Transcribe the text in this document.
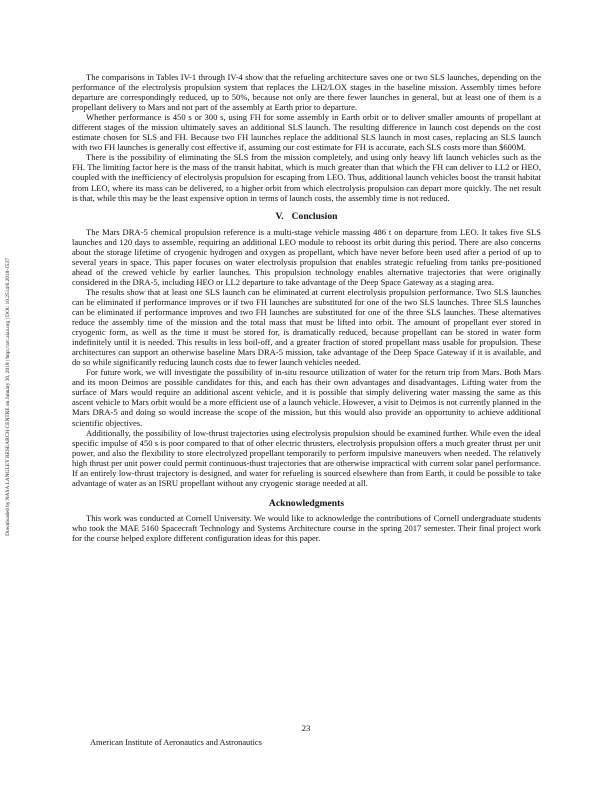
Downloaded by NASA LANGLEY RESEARCH CENTRE on January 30, 2018 | http://arc.aiaa.org | DOI: 10.2514/6.2018-1537

The comparisons in Tables IV-1 through IV-4 show that the refueling architecture saves one or two SLS launches, depending on the performance of the electrolysis propulsion system that replaces the LH2/LOX stages in the baseline mission. Assembly times before departure are correspondingly reduced, up to 50%, because not only are there fewer launches in general, but at least one of them is a propellant delivery to Mars and not part of the assembly at Earth prior to departure.

Whether performance is 450 s or 300 s, using FH for some assembly in Earth orbit or to deliver smaller amounts of propellant at different stages of the mission ultimately saves an additional SLS launch. The resulting difference in launch cost depends on the cost estimate chosen for SLS and FH. Because two FH launches replace the additional SLS launch in most cases, replacing an SLS launch with two FH launches is generally cost effective if, assuming our cost estimate for FH is accurate, each SLS costs more than $600M.

There is the possibility of eliminating the SLS from the mission completely, and using only heavy lift launch vehicles such as the FH. The limiting factor here is the mass of the transit habitat, which is much greater than that which the FH can deliver to LL2 or HEO, coupled with the inefficiency of electrolysis propulsion for escaping from LEO. Thus, additional launch vehicles boost the transit habitat from LEO, where its mass can be delivered, to a higher orbit from which electrolysis propulsion can depart more quickly. The net result is that, while this may be the least expensive option in terms of launch costs, the assembly time is not reduced.

V. Conclusion

The Mars DRA-5 chemical propulsion reference is a multi-stage vehicle massing 486 t on departure from LEO. It takes five SLS launches and 120 days to assemble, requiring an additional LEO module to reboost its orbit during this period. There are also concerns about the storage lifetime of cryogenic hydrogen and oxygen as propellant, which have never before been used after a period of up to several years in space. This paper focuses on water electrolysis propulsion that enables strategic refueling from tanks pre-positioned ahead of the crewed vehicle by earlier launches. This propulsion technology enables alternative trajectories that were originally considered in the DRA-5, including HEO or LL2 departure to take advantage of the Deep Space Gateway as a staging area.

The results show that at least one SLS launch can be eliminated at current electrolysis propulsion performance. Two SLS launches can be eliminated if performance improves or if two FH launches are substituted for one of the two SLS launches. Three SLS launches can be eliminated if performance improves and two FH launches are substituted for one of the three SLS launches. These alternatives reduce the assembly time of the mission and the total mass that must be lifted into orbit. The amount of propellant ever stored in cryogenic form, as well as the time it must be stored for, is dramatically reduced, because propellant can be stored in water form indefinitely until it is needed. This results in less boil-off, and a greater fraction of stored propellant mass usable for propulsion. These architectures can support an otherwise baseline Mars DRA-5 mission, take advantage of the Deep Space Gateway if it is available, and do so while significantly reducing launch costs due to fewer launch vehicles needed.

For future work, we will investigate the possibility of in-situ resource utilization of water for the return trip from Mars. Both Mars and its moon Deimos are possible candidates for this, and each has their own advantages and disadvantages. Lifting water from the surface of Mars would require an additional ascent vehicle, and it is possible that simply delivering water massing the same as this ascent vehicle to Mars orbit would be a more efficient use of a launch vehicle. However, a visit to Deimos is not currently planned in the Mars DRA-5 and doing so would increase the scope of the mission, but this would also provide an opportunity to achieve additional scientific objectives.

Additionally, the possibility of low-thrust trajectories using electrolysis propulsion should be examined further. While even the ideal specific impulse of 450 s is poor compared to that of other electric thrusters, electrolysis propulsion offers a much greater thrust per unit power, and also the flexibility to store electrolyzed propellant temporarily to perform impulsive maneuvers when needed. The relatively high thrust per unit power could permit continuous-thust trajectories that are otherwise impractical with current solar panel performance. If an entirely low-thrust trajectory is designed, and water for refueling is sourced elsewhere than from Earth, it could be possible to take advantage of water as an ISRU propellant without any cryogenic storage needed at all.

Acknowledgments

This work was conducted at Cornell University. We would like to acknowledge the contributions of Cornell undergraduate students who took the MAE 5160 Spacecraft Technology and Systems Architecture course in the spring 2017 semester. Their final project work for the course helped explore different configuration ideas for this paper.

23
American Institute of Aeronautics and Astronautics
